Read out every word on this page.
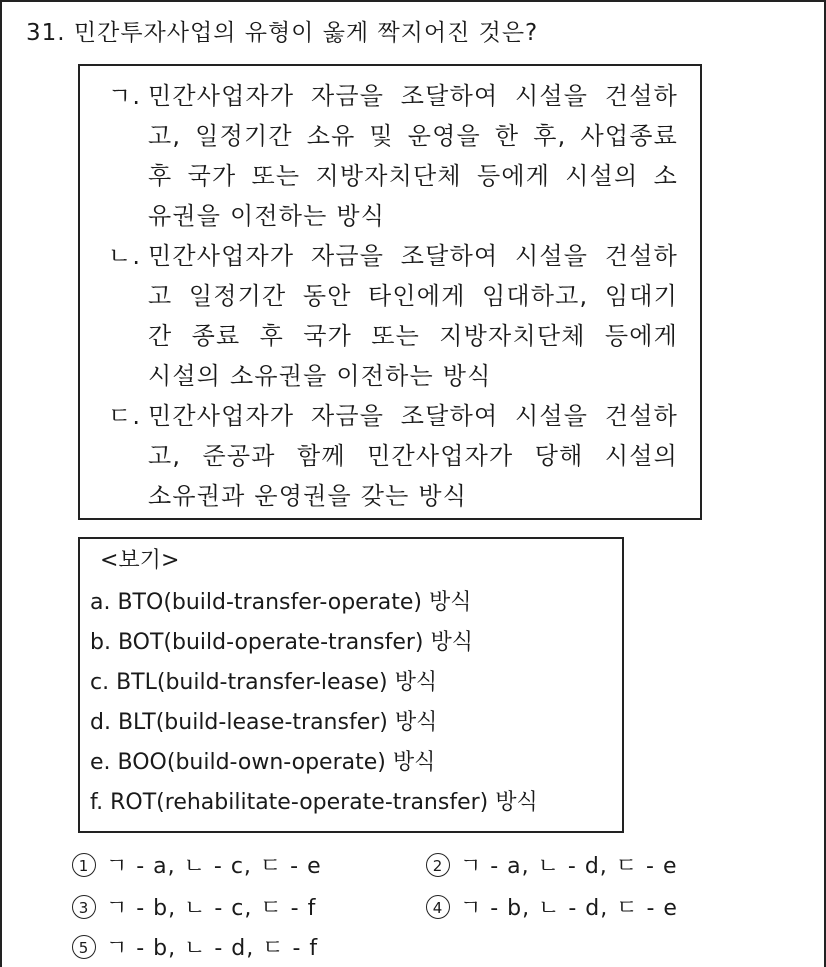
31. 민간투자사업의 유형이 옳게 짝지어진 것은?
ㄱ. 민간사업자가 자금을 조달하여 시설을 건설하
고, 일정기간 소유 및 운영을 한 후, 사업종료
후 국가 또는 지방자치단체 등에게 시설의 소
유권을 이전하는 방식
ㄴ. 민간사업자가 자금을 조달하여 시설을 건설하
고 일정기간 동안 타인에게 임대하고, 임대기
간 종료 후 국가 또는 지방자치단체 등에게
시설의 소유권을 이전하는 방식
ㄷ. 민간사업자가 자금을 조달하여 시설을 건설하
고, 준공과 함께 민간사업자가 당해 시설의
소유권과 운영권을 갖는 방식
<보기>
a. BTO(build-transfer-operate) 방식
b. BOT(build-operate-transfer) 방식
c. BTL(build-transfer-lease) 방식
d. BLT(build-lease-transfer) 방식
e. BOO(build-own-operate) 방식
f. ROT(rehabilitate-operate-transfer) 방식
1 ㄱ - a, ㄴ - c, ㄷ - e	2 ㄱ - a, ㄴ - d, ㄷ - e
3 ㄱ - b, ㄴ - c, ㄷ - f	4 ㄱ - b, ㄴ - d, ㄷ - e
5 ㄱ - b, ㄴ - d, ㄷ - f
